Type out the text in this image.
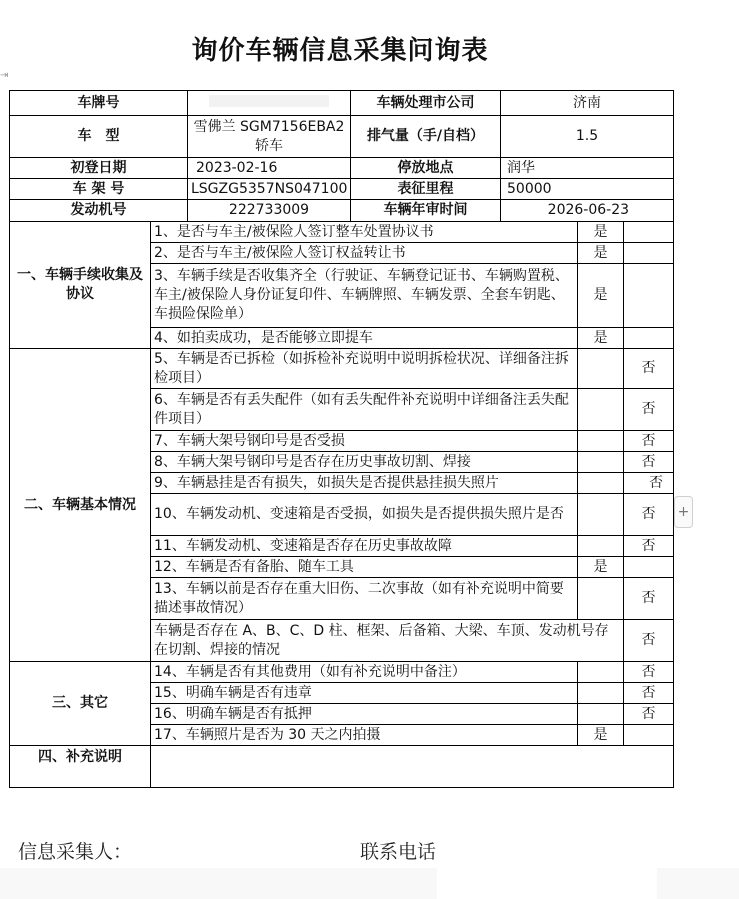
询价车辆信息采集问询表
⇥
车牌号			车辆处理市公司	济南		
车　型		雪佛兰 SGM7156EBA2 轿车	排气量（手/自档）	1.5		
初登日期		2023-02-16	停放地点	润华		
车 架 号		LSGZG5357NS047100	表征里程	50000		
发动机号		222733009	车辆年审时间	2026-06-23		
一、车辆手续收集及协议	1、是否与车主/被保险人签订整车处置协议书				是	
	2、是否与车主/被保险人签订权益转让书				是	
	3、车辆手续是否收集齐全（行驶证、车辆登记证书、车辆购置税、车主/被保险人身份证复印件、车辆牌照、车辆发票、全套车钥匙、车损险保险单）				是	
	4、如拍卖成功，是否能够立即提车				是	
二、车辆基本情况	5、车辆是否已拆检（如拆检补充说明中说明拆检状况、详细备注拆检项目）					否
	6、车辆是否有丢失配件（如有丢失配件补充说明中详细备注丢失配件项目）					否
	7、车辆大架号钢印号是否受损					否
	8、车辆大架号钢印号是否存在历史事故切割、焊接					否
	9、车辆悬挂是否有损失，如损失是否提供悬挂损失照片					否
	10、车辆发动机、变速箱是否受损，如损失是否提供损失照片是否					否
	11、车辆发动机、变速箱是否存在历史事故故障					否
	12、车辆是否有备胎、随车工具				是	
	13、车辆以前是否存在重大旧伤、二次事故（如有补充说明中简要描述事故情况）					否
	车辆是否存在 A、B、C、D 柱、框架、后备箱、大梁、车顶、发动机号存在切割、焊接的情况					否
三、其它	14、车辆是否有其他费用（如有补充说明中备注）					否
	15、明确车辆是否有违章					否
	16、明确车辆是否有抵押					否
	17、车辆照片是否为 30 天之内拍摄				是	
四、补充说明						
+
信息采集人：	联系电话
